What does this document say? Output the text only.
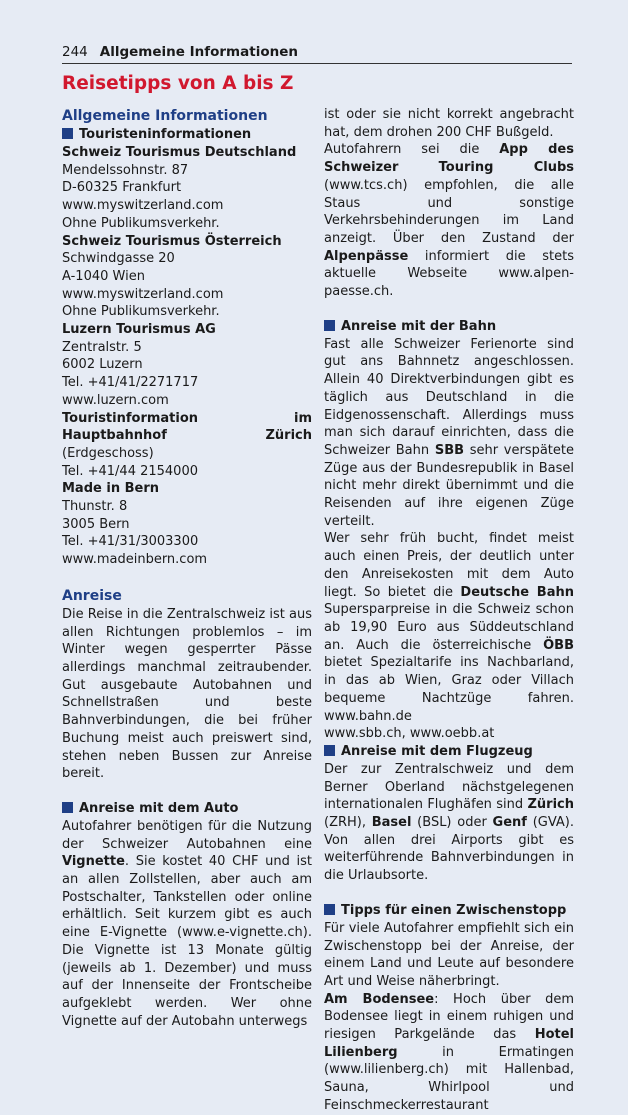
244 Allgemeine Informationen
Reisetipps von A bis Z

Allgemeine Informationen

Touristeninformationen

Schweiz Tourismus Deutschland
Mendelssohnstr. 87
D-60325 Frankfurt
www.myswitzerland.com
Ohne Publikumsverkehr.
Schweiz Tourismus Österreich
Schwindgasse 20
A-1040 Wien
www.myswitzerland.com
Ohne Publikumsverkehr.
Luzern Tourismus AG
Zentralstr. 5
6002 Luzern
Tel. +41/41/2271717
www.luzern.com

Touristinformation im Hauptbahnhof Zürich (Erdgeschoss)

Tel. +41/44 2154000
Made in Bern
Thunstr. 8
3005 Bern
Tel. +41/31/3003300
www.madeinbern.com

Anreise

Die Reise in die Zentralschweiz ist aus allen Richtungen problemlos – im Winter wegen gesperrter Pässe allerdings manchmal zeitraubender. Gut ausgebaute Autobahnen und Schnellstraßen und beste Bahnverbindungen, die bei früher Buchung meist auch preiswert sind, stehen neben Bussen zur Anreise bereit.

Anreise mit dem Auto

Autofahrer benötigen für die Nutzung der Schweizer Autobahnen eine Vignette. Sie kostet 40 CHF und ist an allen Zollstellen, aber auch am Postschalter, Tankstellen oder online erhältlich. Seit kurzem gibt es auch eine E-Vignette (www.e-vignette.ch). Die Vignette ist 13 Monate gültig (jeweils ab 1. Dezember) und muss auf der Innenseite der Frontscheibe aufgeklebt werden. Wer ohne Vignette auf der Autobahn unterwegs

ist oder sie nicht korrekt angebracht hat, dem drohen 200 CHF Bußgeld.

Autofahrern sei die App des Schweizer Touring Clubs (www.tcs.ch) empfohlen, die alle Staus und sonstige Verkehrsbehinderungen im Land anzeigt. Über den Zustand der Alpenpässe informiert die stets aktuelle Webseite www.alpen-paesse.ch.

Anreise mit der Bahn

Fast alle Schweizer Ferienorte sind gut ans Bahnnetz angeschlossen. Allein 40 Direktverbindungen gibt es täglich aus Deutschland in die Eidgenossenschaft. Allerdings muss man sich darauf einrichten, dass die Schweizer Bahn SBB sehr verspätete Züge aus der Bundesrepublik in Basel nicht mehr direkt übernimmt und die Reisenden auf ihre eigenen Züge verteilt.

Wer sehr früh bucht, findet meist auch einen Preis, der deutlich unter den Anreisekosten mit dem Auto liegt. So bietet die Deutsche Bahn Supersparpreise in die Schweiz schon ab 19,90 Euro aus Süddeutschland an. Auch die österreichische ÖBB bietet Spezialtarife ins Nachbarland, in das ab Wien, Graz oder Villach bequeme Nachtzüge fahren. www.bahn.de

www.sbb.ch, www.oebb.at

Anreise mit dem Flugzeug

Der zur Zentralschweiz und dem Berner Oberland nächstgelegenen internationalen Flughäfen sind Zürich (ZRH), Basel (BSL) oder Genf (GVA). Von allen drei Airports gibt es weiterführende Bahnverbindungen in die Urlaubsorte.

Tipps für einen Zwischenstopp

Für viele Autofahrer empfiehlt sich ein Zwischenstopp bei der Anreise, der einem Land und Leute auf besondere Art und Weise näherbringt.

Am Bodensee: Hoch über dem Bodensee liegt in einem ruhigen und riesigen Parkgelände das Hotel Lilienberg in Ermatingen (www.lilienberg.ch) mit Hallenbad, Sauna, Whirlpool und Feinschmeckerrestaurant
